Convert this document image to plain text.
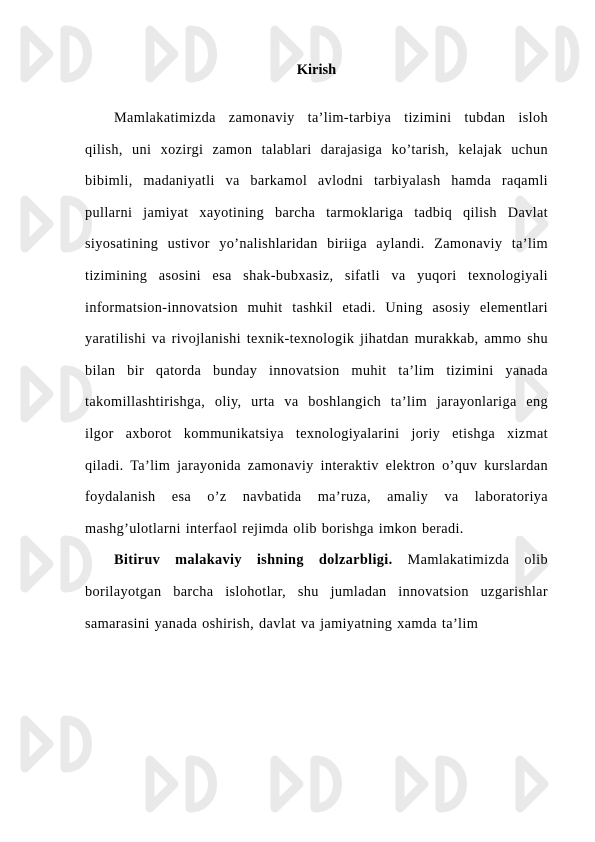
Kirish

Mamlakatimizda zamonaviy ta’lim-tarbiya tizimini tubdan isloh qilish, uni xozirgi zamon talablari darajasiga ko’tarish, kelajak uchun bibimli, madaniyatli va barkamol avlodni tarbiyalash hamda raqamli pullarni jamiyat xayotining barcha tarmoklariga tadbiq qilish Davlat siyosatining ustivor yo’nalishlaridan biriiga aylandi. Zamonaviy ta’lim tizimining asosini esa shak-bubxasiz, sifatli va yuqori texnologiyali informatsion-innovatsion muhit tashkil etadi. Uning asosiy elementlari yaratilishi va rivojlanishi texnik-texnologik jihatdan murakkab, ammo shu bilan bir qatorda bunday innovatsion muhit ta’lim tizimini yanada takomillashtirishga, oliy, urta va boshlangich ta’lim jarayonlariga eng ilgor axborot kommunikatsiya texnologiyalarini joriy etishga xizmat qiladi. Ta’lim jarayonida zamonaviy interaktiv elektron o’quv kurslardan foydalanish esa o’z navbatida ma’ruza, amaliy va laboratoriya mashg’ulotlarni interfaol rejimda olib borishga imkon beradi.

Bitiruv malakaviy ishning dolzarbligi. Mamlakatimizda olib borilayotgan barcha islohotlar, shu jumladan innovatsion uzgarishlar samarasini yanada oshirish, davlat va jamiyatning xamda ta’lim
